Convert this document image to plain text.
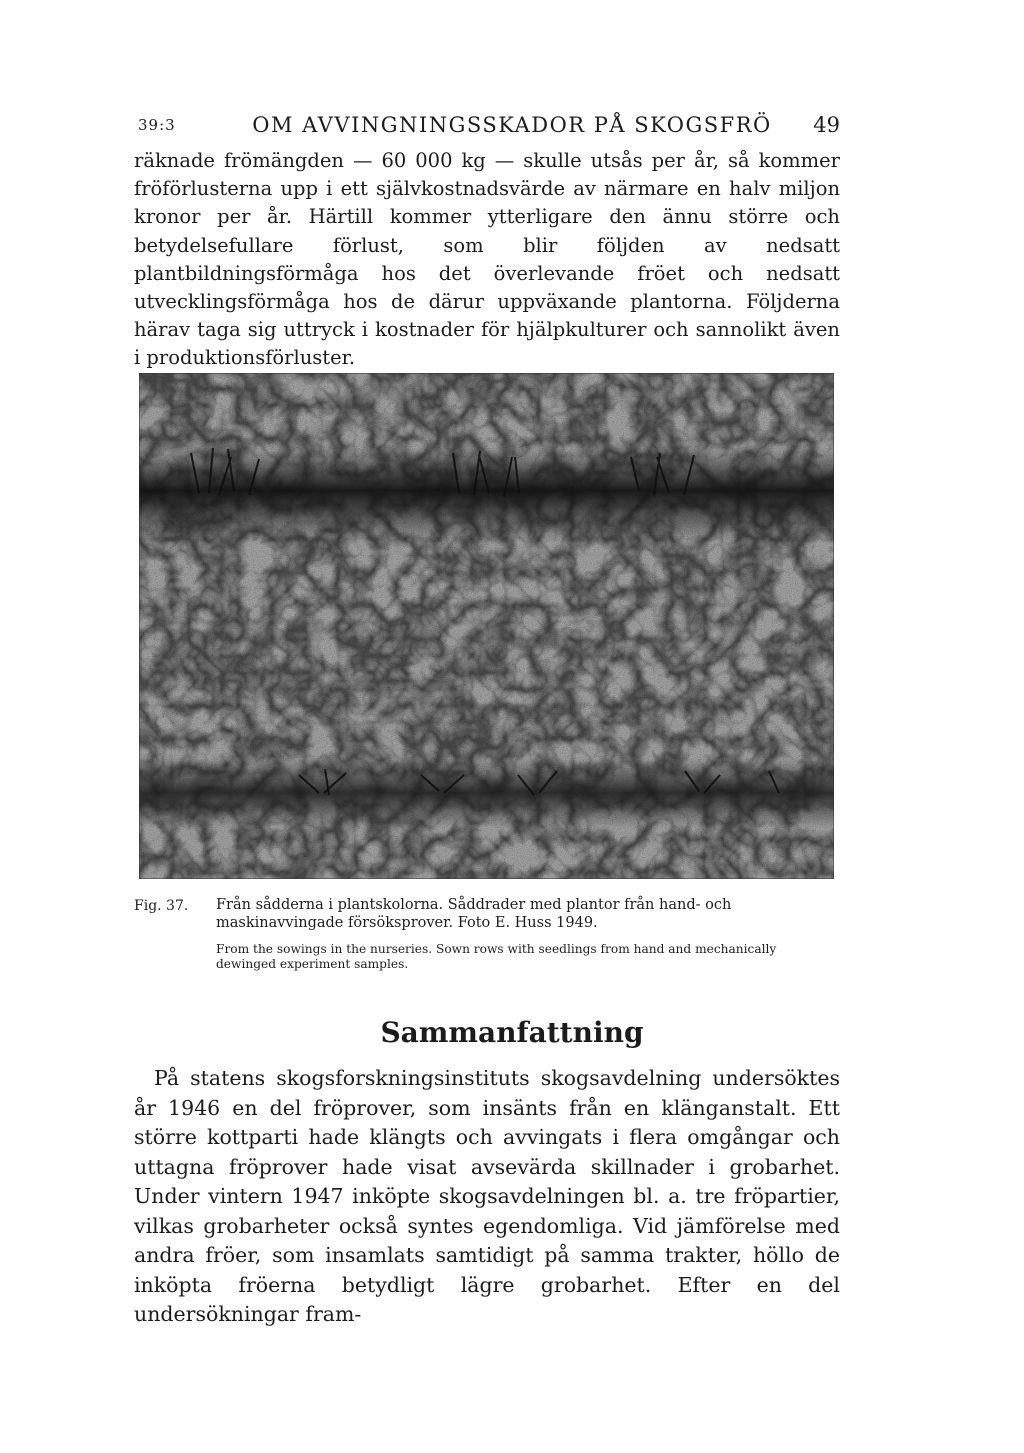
39:3	OM AVVINGNINGSSKADOR PÅ SKOGSFRÖ	49

räknade frömängden — 60 000 kg — skulle utsås per år, så kommer fröförlusterna upp i ett självkostnadsvärde av närmare en halv miljon kronor per år. Härtill kommer ytterligare den ännu större och betydelsefullare förlust, som blir följden av nedsatt plantbildningsförmåga hos det överlevande fröet och nedsatt utvecklingsförmåga hos de därur uppväxande plantorna. Följderna härav taga sig uttryck i kostnader för hjälpkulturer och sannolikt även i produktionsförluster.

Fig. 37. Från sådderna i plantskolorna. Såddrader med plantor från hand- och maskinavvingade försöksprover. Foto E. Huss 1949.

From the sowings in the nurseries. Sown rows with seedlings from hand and mechanically dewinged experiment samples.

Sammanfattning

På statens skogsforskningsinstituts skogsavdelning undersöktes år 1946 en del fröprover, som insänts från en klänganstalt. Ett större kottparti hade klängts och avvingats i flera omgångar och uttagna fröprover hade visat avsevärda skillnader i grobarhet. Under vintern 1947 inköpte skogsavdelningen bl. a. tre fröpartier, vilkas grobarheter också syntes egendomliga. Vid jämförelse med andra fröer, som insamlats samtidigt på samma trakter, höllo de inköpta fröerna betydligt lägre grobarhet. Efter en del undersökningar fram-
